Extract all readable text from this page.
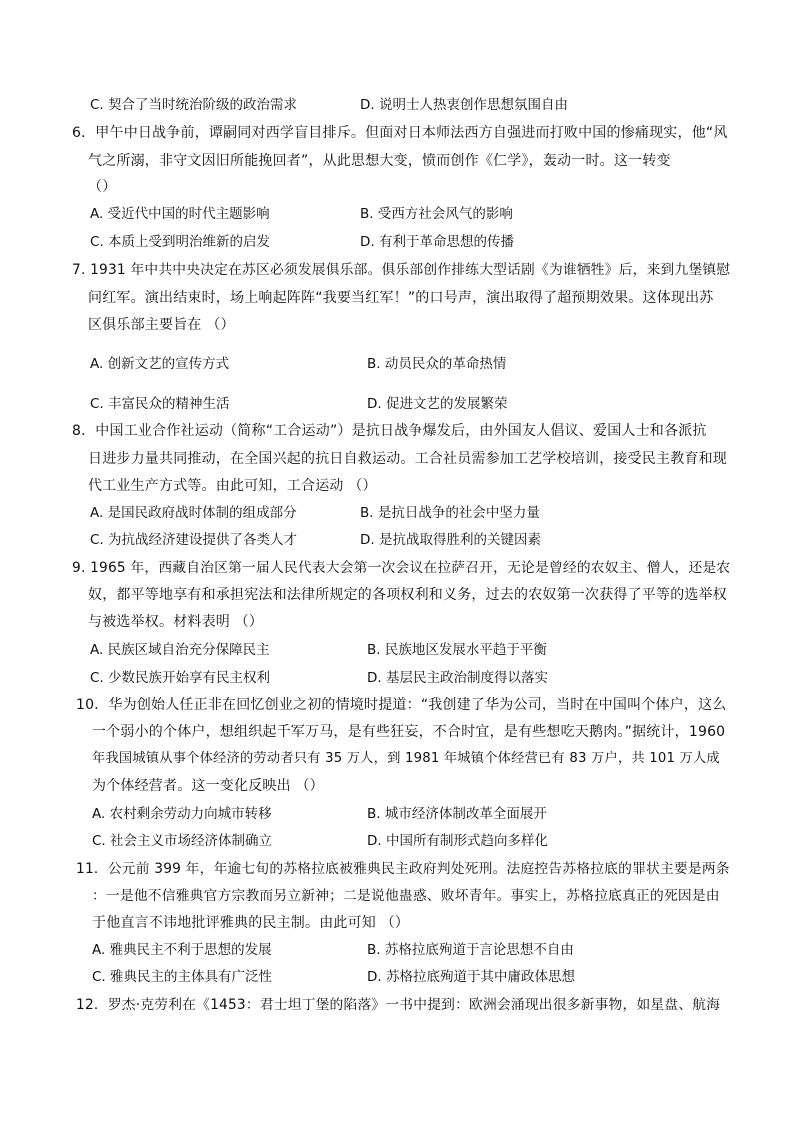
C. 契合了当时统治阶级的政治需求	D. 说明士人热衷创作思想氛围自由
6．甲午中日战争前，谭嗣同对西学盲目排斥。但面对日本师法西方自强进而打败中国的惨痛现实，他“风
气之所溺，非守文因旧所能挽回者”，从此思想大变，愤而创作《仁学》，轰动一时。这一转变
（）
A. 受近代中国的时代主题影响	B. 受西方社会风气的影响
C. 本质上受到明治维新的启发	D. 有利于革命思想的传播
7. 1931 年中共中央决定在苏区必须发展俱乐部。俱乐部创作排练大型话剧《为谁牺牲》后，来到九堡镇慰
问红军。演出结束时，场上响起阵阵“我要当红军！”的口号声，演出取得了超预期效果。这体现出苏
区俱乐部主要旨在 （）
A. 创新文艺的宣传方式	B. 动员民众的革命热情
C. 丰富民众的精神生活	D. 促进文艺的发展繁荣
8．中国工业合作社运动（简称“工合运动”）是抗日战争爆发后，由外国友人倡议、爱国人士和各派抗
日进步力量共同推动，在全国兴起的抗日自救运动。工合社员需参加工艺学校培训，接受民主教育和现
代工业生产方式等。由此可知，工合运动 （）
A. 是国民政府战时体制的组成部分	B. 是抗日战争的社会中坚力量
C. 为抗战经济建设提供了各类人才	D. 是抗战取得胜利的关键因素
9. 1965 年，西藏自治区第一届人民代表大会第一次会议在拉萨召开，无论是曾经的农奴主、僧人，还是农
奴，都平等地享有和承担宪法和法律所规定的各项权利和义务，过去的农奴第一次获得了平等的选举权
与被选举权。材料表明 （）
A. 民族区域自治充分保障民主	B. 民族地区发展水平趋于平衡
C. 少数民族开始享有民主权利	D. 基层民主政治制度得以落实
10．华为创始人任正非在回忆创业之初的情境时提道：“我创建了华为公司，当时在中国叫个体户，这么
一个弱小的个体户，想组织起千军万马，是有些狂妄，不合时宜，是有些想吃天鹅肉。”据统计，1960
年我国城镇从事个体经济的劳动者只有 35 万人，到 1981 年城镇个体经营已有 83 万户，共 101 万人成
为个体经营者。这一变化反映出 （）
A. 农村剩余劳动力向城市转移	B. 城市经济体制改革全面展开
C. 社会主义市场经济体制确立	D. 中国所有制形式趋向多样化
11．公元前 399 年，年逾七旬的苏格拉底被雅典民主政府判处死刑。法庭控告苏格拉底的罪状主要是两条
：一是他不信雅典官方宗教而另立新神；二是说他蛊惑、败坏青年。事实上，苏格拉底真正的死因是由
于他直言不讳地批评雅典的民主制。由此可知 （）
A. 雅典民主不利于思想的发展	B. 苏格拉底殉道于言论思想不自由
C. 雅典民主的主体具有广泛性	D. 苏格拉底殉道于其中庸政体思想
12．罗杰·克劳利在《1453：君士坦丁堡的陷落》一书中提到：欧洲会涌现出很多新事物，如星盘、航海
